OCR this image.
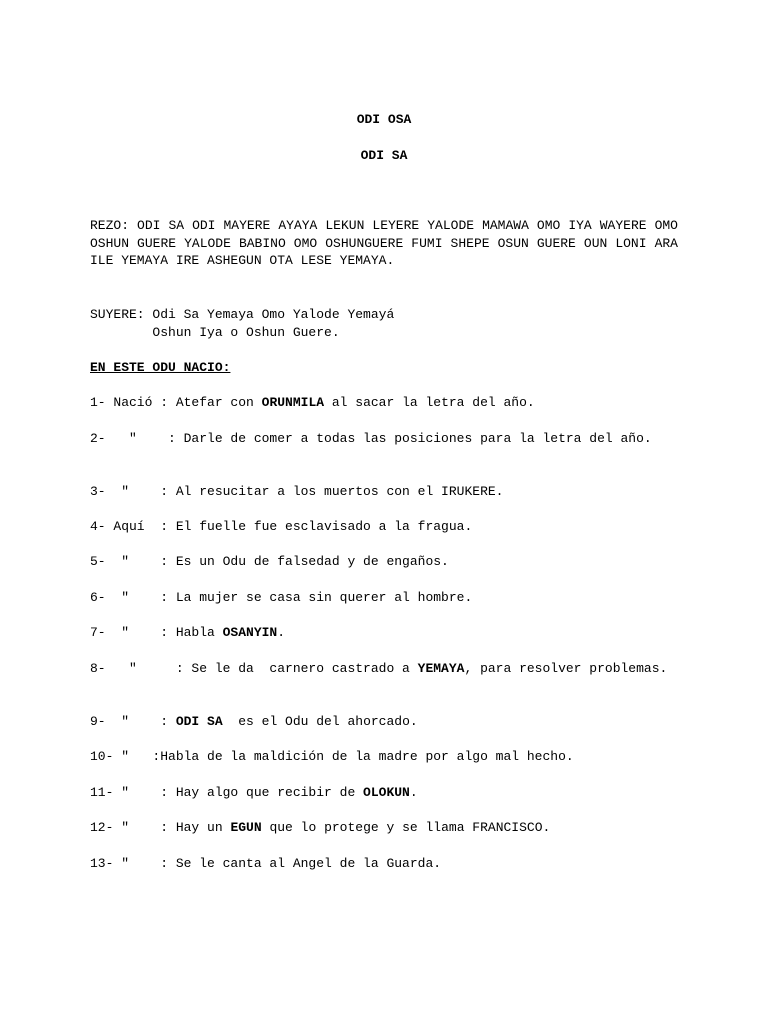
ODI OSA
ODI SA
REZO: ODI SA ODI MAYERE AYAYA LEKUN LEYERE YALODE MAMAWA OMO IYA WAYERE OMO OSHUN GUERE YALODE BABINO OMO OSHUNGUERE FUMI SHEPE OSUN GUERE OUN LONI ARA ILE YEMAYA IRE ASHEGUN OTA LESE YEMAYA.
SUYERE: Odi Sa Yemaya Omo Yalode Yemayá
Oshun Iya o Oshun Guere.
EN ESTE ODU NACIO:
1- Nació : Atefar con ORUNMILA al sacar la letra del año.
2-   "    : Darle de comer a todas las posiciones para la letra del año.
3-  "    : Al resucitar a los muertos con el IRUKERE.
4- Aquí  : El fuelle fue esclavisado a la fragua.
5-  "    : Es un Odu de falsedad y de engaños.
6-  "    : La mujer se casa sin querer al hombre.
7-  "    : Habla OSANYIN.
8-   "     : Se le da  carnero castrado a YEMAYA, para resolver problemas.
9-  "    : ODI SA  es el Odu del ahorcado.
10- "   :Habla de la maldición de la madre por algo mal hecho.
11- "    : Hay algo que recibir de OLOKUN.
12- "    : Hay un EGUN que lo protege y se llama FRANCISCO.
13- "    : Se le canta al Angel de la Guarda.
